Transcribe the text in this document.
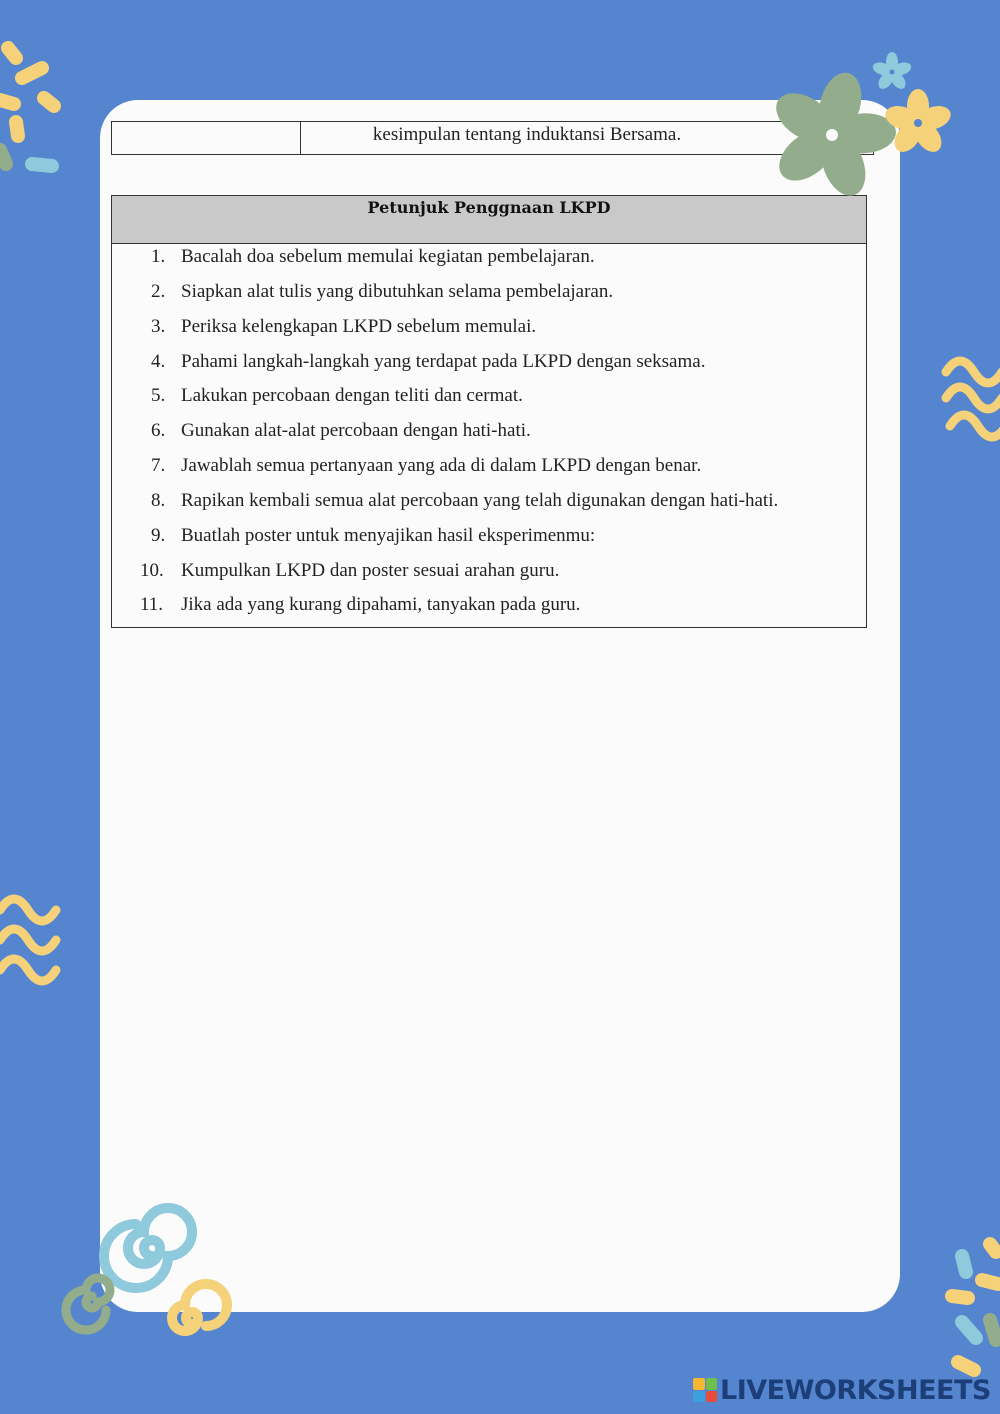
kesimpulan tentang induktansi Bersama.
Petunjuk Penggnaan LKPD
1. Bacalah doa sebelum memulai kegiatan pembelajaran.
2. Siapkan alat tulis yang dibutuhkan selama pembelajaran.
3. Periksa kelengkapan LKPD sebelum memulai.
4. Pahami langkah-langkah yang terdapat pada LKPD dengan seksama.
5. Lakukan percobaan dengan teliti dan cermat.
6. Gunakan alat-alat percobaan dengan hati-hati.
7. Jawablah semua pertanyaan yang ada di dalam LKPD dengan benar.
8. Rapikan kembali semua alat percobaan yang telah digunakan dengan hati-hati.
9. Buatlah poster untuk menyajikan hasil eksperimenmu:
10. Kumpulkan LKPD dan poster sesuai arahan guru.
11. Jika ada yang kurang dipahami, tanyakan pada guru.
LIVEWORKSHEETS
